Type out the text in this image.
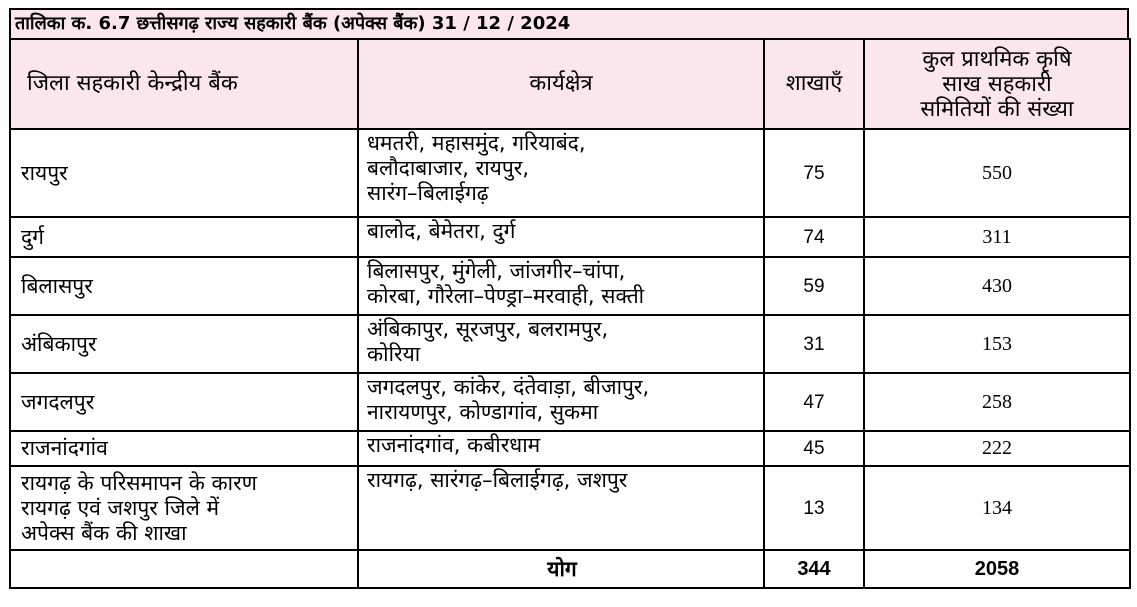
तालिका क. 6.7 छत्तीसगढ़ राज्य सहकारी बैंक (अपेक्स बैंक) 31 / 12 / 2024
जिला सहकारी केन्द्रीय बैंक	कार्यक्षेत्र	शाखाएँ	कुल प्राथमिक कृषि
साख सहकारी
समितियों की संख्या

रायपुर	धमतरी, महासमुंद, गरियाबंद,
बलौदाबाजार, रायपुर,
सारंग–बिलाईगढ़	75	550

दुर्ग	बालोद, बेमेतरा, दुर्ग	74	311

बिलासपुर	बिलासपुर, मुंगेली, जांजगीर–चांपा,
कोरबा, गौरेला–पेण्ड्रा–मरवाही, सक्ती	59	430

अंबिकापुर	अंबिकापुर, सूरजपुर, बलरामपुर,
कोरिया	31	153

जगदलपुर	जगदलपुर, कांकेर, दंतेवाड़ा, बीजापुर,
नारायणपुर, कोण्डागांव, सुकमा	47	258

राजनांदगांव	राजनांदगांव, कबीरधाम	45	222

रायगढ़ के परिसमापन के कारण
रायगढ़ एवं जशपुर जिले में
अपेक्स बैंक की शाखा	रायगढ़, सारंगढ़–बिलाईगढ़, जशपुर	13	134
	योग	344	2058
